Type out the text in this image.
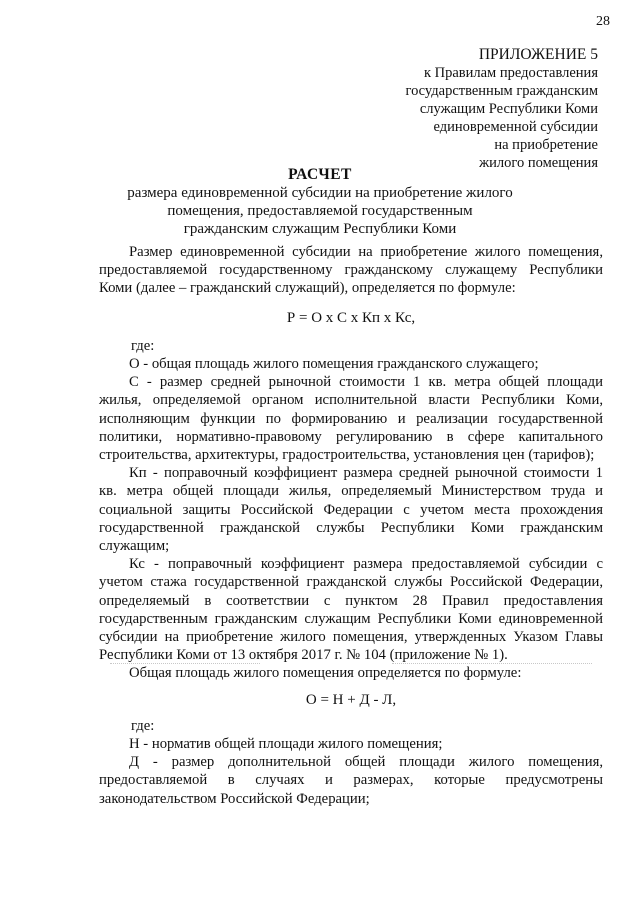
28
ПРИЛОЖЕНИЕ 5
к Правилам предоставления
государственным гражданским
служащим Республики Коми
единовременной субсидии
на приобретение
жилого помещения
РАСЧЕТ
размера единовременной субсидии на приобретение жилого
помещения, предоставляемой государственным
гражданским служащим Республики Коми

Размер единовременной субсидии на приобретение жилого помещения, предоставляемой государственному гражданскому служащему Республики Коми (далее – гражданский служащий), определяется по формуле:

Р = О х С х Кп х Кс,

где:

О - общая площадь жилого помещения гражданского служащего;

С - размер средней рыночной стоимости 1 кв. метра общей площади жилья, определяемой органом исполнительной власти Республики Коми, исполняющим функции по формированию и реализации государственной политики, нормативно-правовому регулированию в сфере капитального строительства, архитектуры, градостроительства, установления цен (тарифов);

Кп - поправочный коэффициент размера средней рыночной стоимости 1 кв. метра общей площади жилья, определяемый Министерством труда и социальной защиты Российской Федерации с учетом места прохождения государственной гражданской службы Республики Коми гражданским служащим;

Кс - поправочный коэффициент размера предоставляемой субсидии с учетом стажа государственной гражданской службы Российской Федерации, определяемый в соответствии с пунктом 28 Правил предоставления государственным гражданским служащим Республики Коми единовременной субсидии на приобретение жилого помещения, утвержденных Указом Главы Республики Коми от 13 октября 2017 г. № 104 (приложение № 1).

Общая площадь жилого помещения определяется по формуле:

О = Н + Д - Л,

где:

Н - норматив общей площади жилого помещения;

Д - размер дополнительной общей площади жилого помещения, предоставляемой в случаях и размерах, которые предусмотрены законодательством Российской Федерации;
